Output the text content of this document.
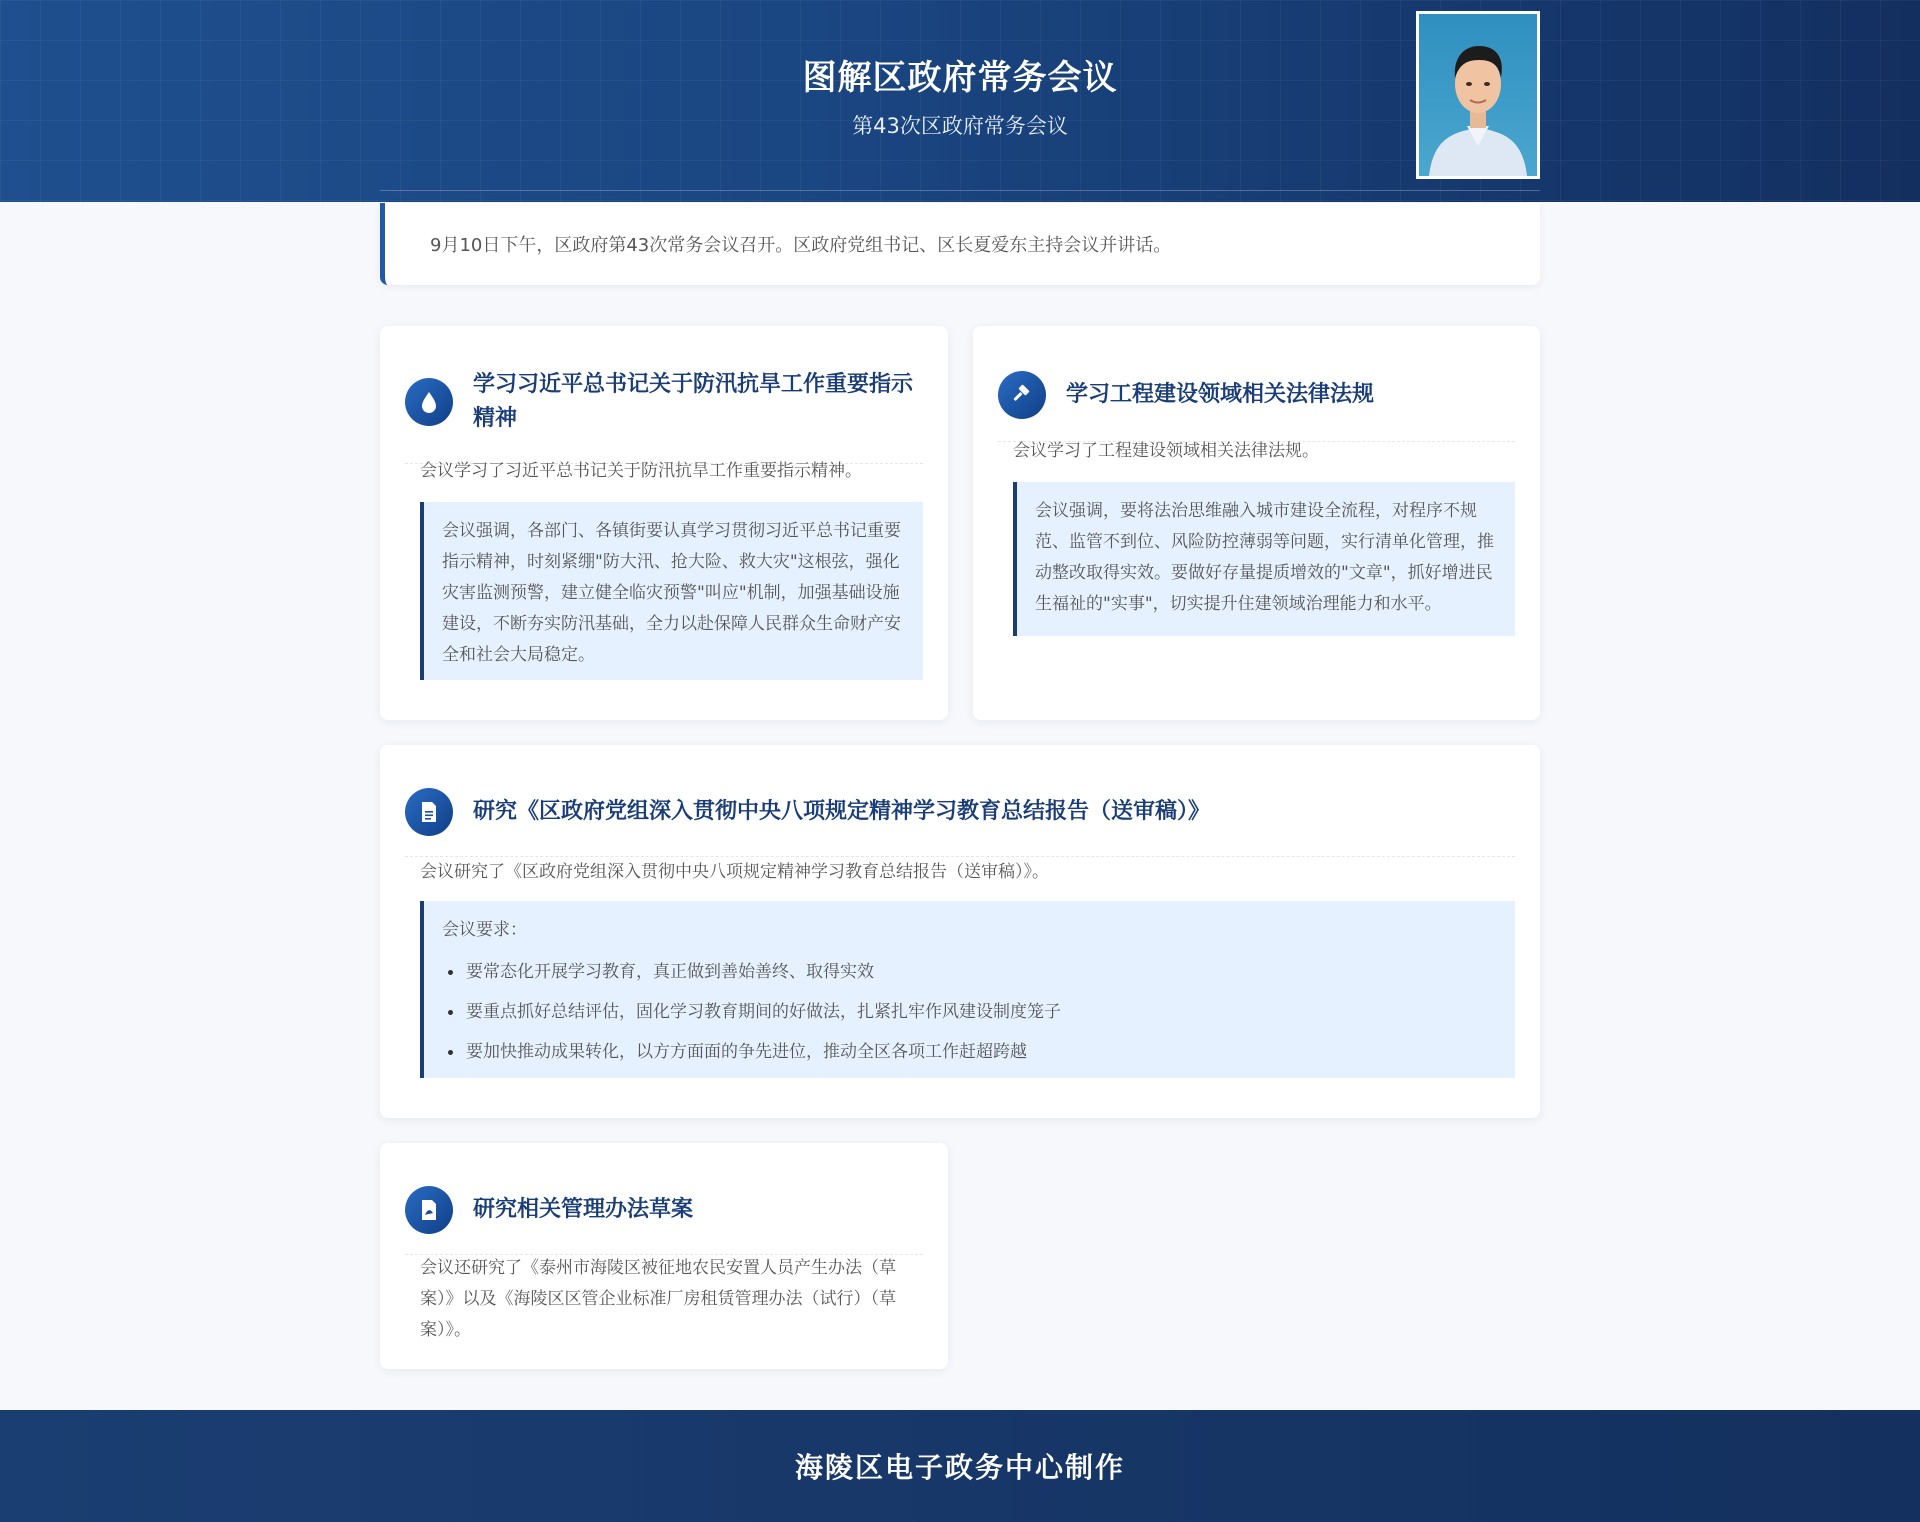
图解区政府常务会议
第43次区政府常务会议
9月10日下午，区政府第43次常务会议召开。区政府党组书记、区长夏爱东主持会议并讲话。
学习习近平总书记关于防汛抗旱工作重要指示精神
会议学习了习近平总书记关于防汛抗旱工作重要指示精神。
会议强调，各部门、各镇街要认真学习贯彻习近平总书记重要指示精神，时刻紧绷"防大汛、抢大险、救大灾"这根弦，强化灾害监测预警，建立健全临灾预警"叫应"机制，加强基础设施建设，不断夯实防汛基础，全力以赴保障人民群众生命财产安全和社会大局稳定。
学习工程建设领域相关法律法规
会议学习了工程建设领域相关法律法规。
会议强调，要将法治思维融入城市建设全流程，对程序不规范、监管不到位、风险防控薄弱等问题，实行清单化管理，推动整改取得实效。要做好存量提质增效的"文章"，抓好增进民生福祉的"实事"，切实提升住建领域治理能力和水平。
研究《区政府党组深入贯彻中央八项规定精神学习教育总结报告（送审稿）》
会议研究了《区政府党组深入贯彻中央八项规定精神学习教育总结报告（送审稿）》。
会议要求：
要常态化开展学习教育，真正做到善始善终、取得实效
要重点抓好总结评估，固化学习教育期间的好做法，扎紧扎牢作风建设制度笼子
要加快推动成果转化，以方方面面的争先进位，推动全区各项工作赶超跨越
研究相关管理办法草案
会议还研究了《泰州市海陵区被征地农民安置人员产生办法（草案）》以及《海陵区区管企业标准厂房租赁管理办法（试行）（草案）》。
海陵区电子政务中心制作
